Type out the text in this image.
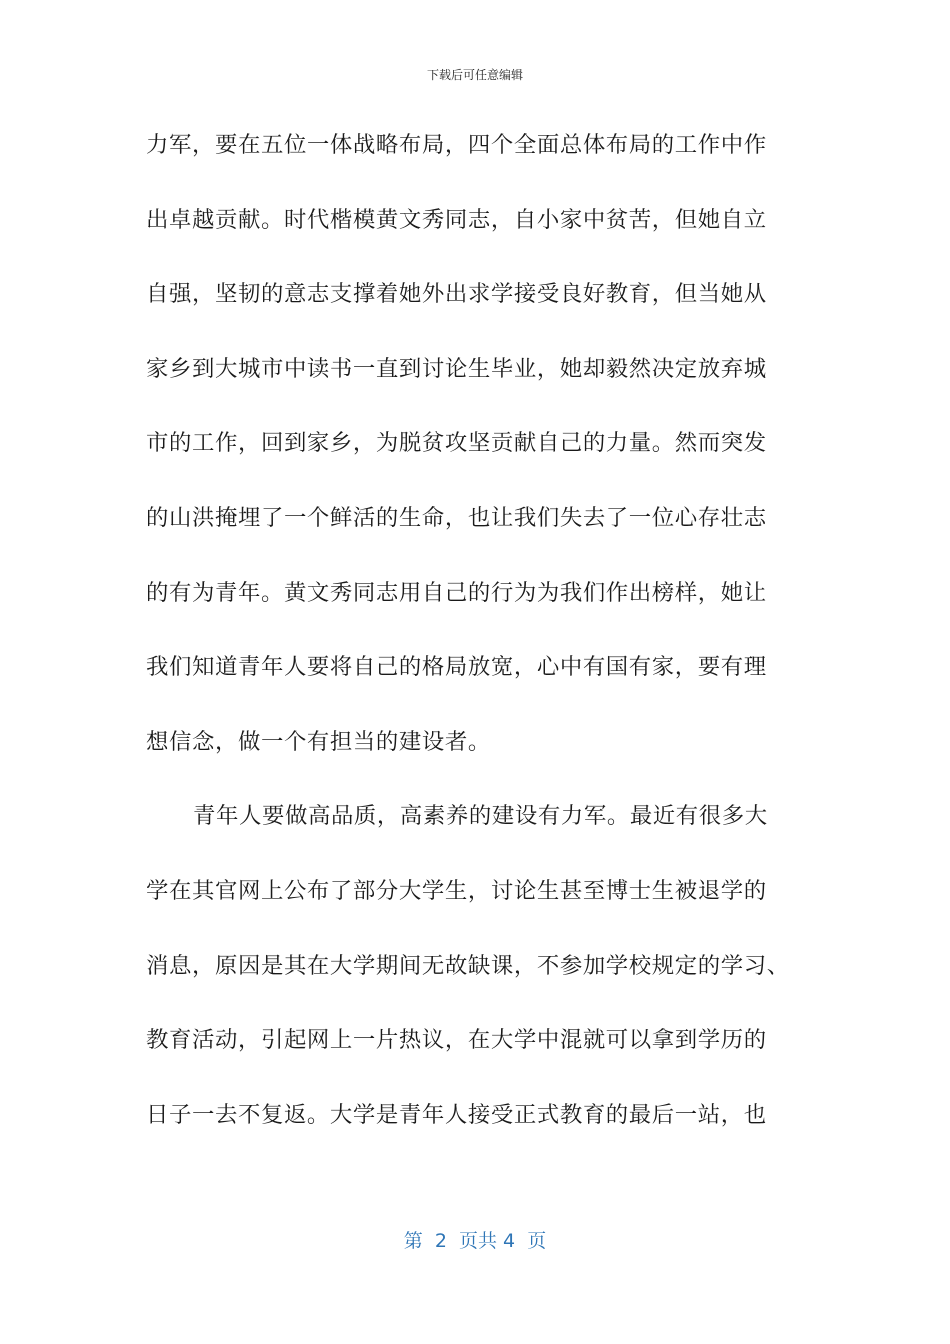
下载后可任意编辑
力军，要在五位一体战略布局，四个全面总体布局的工作中作
出卓越贡献。时代楷模黄文秀同志，自小家中贫苦，但她自立
自强，坚韧的意志支撑着她外出求学接受良好教育，但当她从
家乡到大城市中读书一直到讨论生毕业，她却毅然决定放弃城
市的工作，回到家乡，为脱贫攻坚贡献自己的力量。然而突发
的山洪掩埋了一个鲜活的生命，也让我们失去了一位心存壮志
的有为青年。黄文秀同志用自己的行为为我们作出榜样，她让
我们知道青年人要将自己的格局放宽，心中有国有家，要有理
想信念，做一个有担当的建设者。
青年人要做高品质，高素养的建设有力军。最近有很多大
学在其官网上公布了部分大学生，讨论生甚至博士生被退学的
消息，原因是其在大学期间无故缺课，不参加学校规定的学习、
教育活动，引起网上一片热议，在大学中混就可以拿到学历的
日子一去不复返。大学是青年人接受正式教育的最后一站，也
第  2  页共 4  页
